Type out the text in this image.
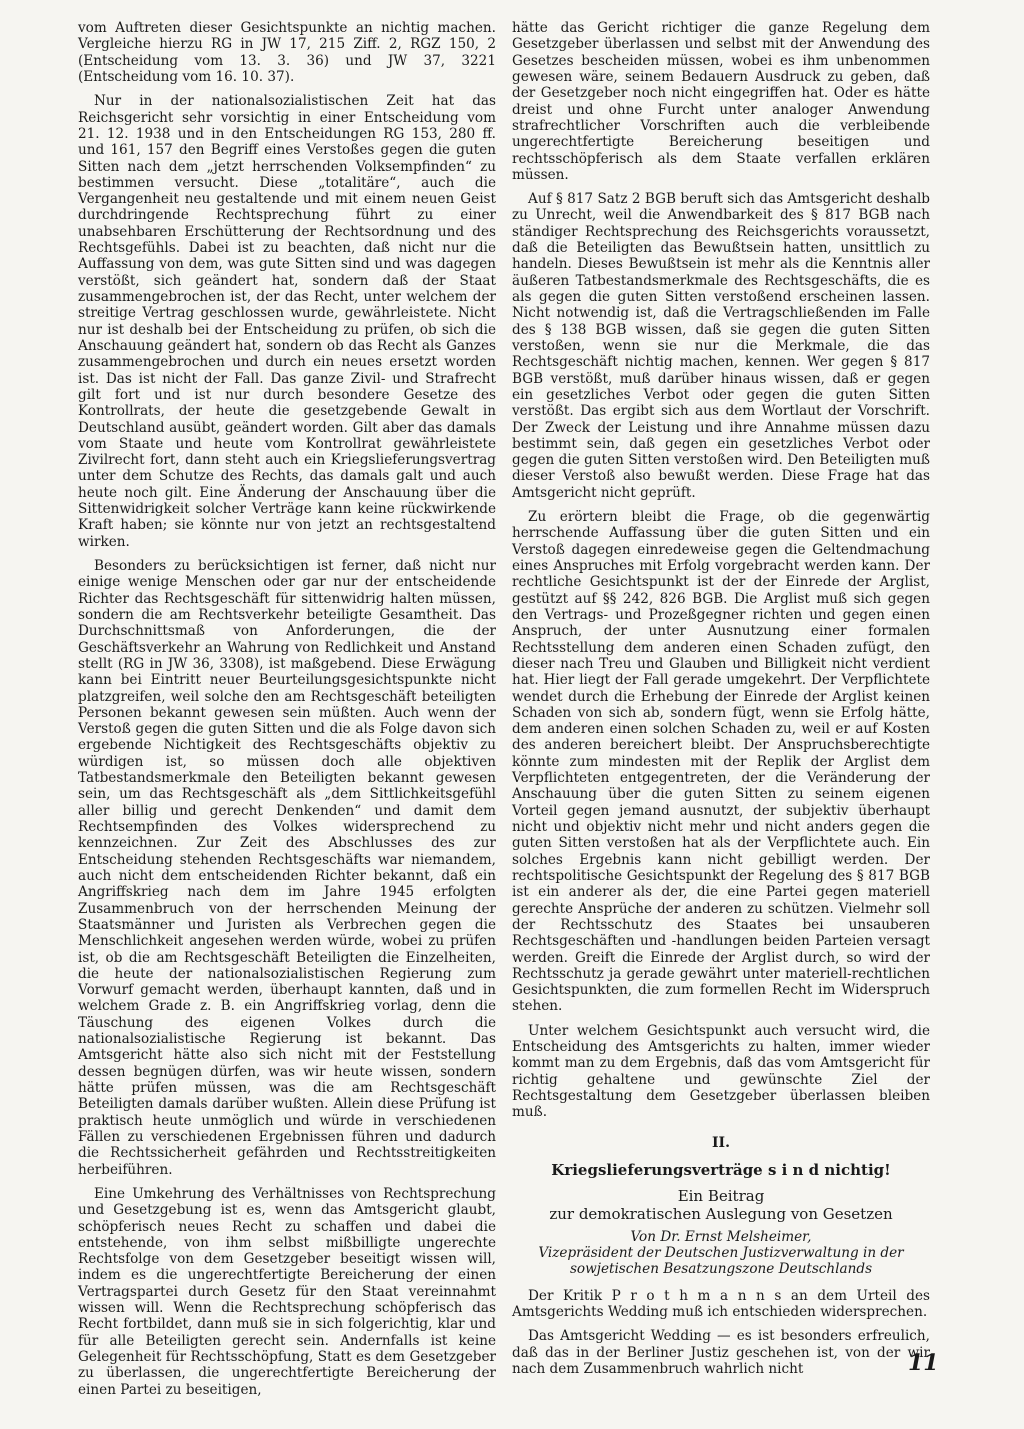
vom Auftreten dieser Gesichtspunkte an nichtig machen. Vergleiche hierzu RG in JW 17, 215 Ziff. 2, RGZ 150, 2 (Entscheidung vom 13. 3. 36) und JW 37, 3221 (Entscheidung vom 16. 10. 37).

Nur in der nationalsozialistischen Zeit hat das Reichsgericht sehr vorsichtig in einer Entscheidung vom 21. 12. 1938 und in den Entscheidungen RG 153, 280 ff. und 161, 157 den Begriff eines Verstoßes gegen die guten Sitten nach dem „jetzt herrschenden Volksempfinden“ zu bestimmen versucht. Diese „totalitäre“, auch die Vergangenheit neu gestaltende und mit einem neuen Geist durchdringende Rechtsprechung führt zu einer unabsehbaren Erschütterung der Rechtsordnung und des Rechtsgefühls. Dabei ist zu beachten, daß nicht nur die Auffassung von dem, was gute Sitten sind und was dagegen verstößt, sich geändert hat, sondern daß der Staat zusammengebrochen ist, der das Recht, unter welchem der streitige Vertrag geschlossen wurde, gewährleistete. Nicht nur ist deshalb bei der Entscheidung zu prüfen, ob sich die Anschauung geändert hat, sondern ob das Recht als Ganzes zusammengebrochen und durch ein neues ersetzt worden ist. Das ist nicht der Fall. Das ganze Zivil- und Strafrecht gilt fort und ist nur durch besondere Gesetze des Kontrollrats, der heute die gesetzgebende Gewalt in Deutschland ausübt, geändert worden. Gilt aber das damals vom Staate und heute vom Kontrollrat gewährleistete Zivilrecht fort, dann steht auch ein Kriegslieferungsvertrag unter dem Schutze des Rechts, das damals galt und auch heute noch gilt. Eine Änderung der Anschauung über die Sittenwidrigkeit solcher Verträge kann keine rückwirkende Kraft haben; sie könnte nur von jetzt an rechtsgestaltend wirken.

Besonders zu berücksichtigen ist ferner, daß nicht nur einige wenige Menschen oder gar nur der entscheidende Richter das Rechtsgeschäft für sittenwidrig halten müssen, sondern die am Rechtsverkehr beteiligte Gesamtheit. Das Durchschnittsmaß von Anforderungen, die der Geschäftsverkehr an Wahrung von Redlichkeit und Anstand stellt (RG in JW 36, 3308), ist maßgebend. Diese Erwägung kann bei Eintritt neuer Beurteilungsgesichtspunkte nicht platzgreifen, weil solche den am Rechtsgeschäft beteiligten Personen bekannt gewesen sein müßten. Auch wenn der Verstoß gegen die guten Sitten und die als Folge davon sich ergebende Nichtigkeit des Rechtsgeschäfts objektiv zu würdigen ist, so müssen doch alle objektiven Tatbestandsmerkmale den Beteiligten bekannt gewesen sein, um das Rechtsgeschäft als „dem Sittlichkeitsgefühl aller billig und gerecht Denkenden“ und damit dem Rechtsempfinden des Volkes widersprechend zu kennzeichnen. Zur Zeit des Abschlusses des zur Entscheidung stehenden Rechtsgeschäfts war niemandem, auch nicht dem entscheidenden Richter bekannt, daß ein Angriffskrieg nach dem im Jahre 1945 erfolgten Zusammenbruch von der herrschenden Meinung der Staatsmänner und Juristen als Verbrechen gegen die Menschlichkeit angesehen werden würde, wobei zu prüfen ist, ob die am Rechtsgeschäft Beteiligten die Einzelheiten, die heute der nationalsozialistischen Regierung zum Vorwurf gemacht werden, überhaupt kannten, daß und in welchem Grade z. B. ein Angriffskrieg vorlag, denn die Täuschung des eigenen Volkes durch die nationalsozialistische Regierung ist bekannt. Das Amtsgericht hätte also sich nicht mit der Feststellung dessen begnügen dürfen, was wir heute wissen, sondern hätte prüfen müssen, was die am Rechtsgeschäft Beteiligten damals darüber wußten. Allein diese Prüfung ist praktisch heute unmöglich und würde in verschiedenen Fällen zu verschiedenen Ergebnissen führen und dadurch die Rechtssicherheit gefährden und Rechtsstreitigkeiten herbeiführen.

Eine Umkehrung des Verhältnisses von Rechtsprechung und Gesetzgebung ist es, wenn das Amtsgericht glaubt, schöpferisch neues Recht zu schaffen und dabei die entstehende, von ihm selbst mißbilligte ungerechte Rechtsfolge von dem Gesetzgeber beseitigt wissen will, indem es die ungerechtfertigte Bereicherung der einen Vertragspartei durch Gesetz für den Staat vereinnahmt wissen will. Wenn die Rechtsprechung schöpferisch das Recht fortbildet, dann muß sie in sich folgerichtig, klar und für alle Beteiligten gerecht sein. Andernfalls ist keine Gelegenheit für Rechtsschöpfung, Statt es dem Gesetzgeber zu überlassen, die ungerechtfertigte Bereicherung der einen Partei zu beseitigen,

hätte das Gericht richtiger die ganze Regelung dem Gesetzgeber überlassen und selbst mit der Anwendung des Gesetzes bescheiden müssen, wobei es ihm unbenommen gewesen wäre, seinem Bedauern Ausdruck zu geben, daß der Gesetzgeber noch nicht eingegriffen hat. Oder es hätte dreist und ohne Furcht unter analoger Anwendung strafrechtlicher Vorschriften auch die verbleibende ungerechtfertigte Bereicherung beseitigen und rechtsschöpferisch als dem Staate verfallen erklären müssen.

Auf § 817 Satz 2 BGB beruft sich das Amtsgericht deshalb zu Unrecht, weil die Anwendbarkeit des § 817 BGB nach ständiger Rechtsprechung des Reichsgerichts voraussetzt, daß die Beteiligten das Bewußtsein hatten, unsittlich zu handeln. Dieses Bewußtsein ist mehr als die Kenntnis aller äußeren Tatbestandsmerkmale des Rechtsgeschäfts, die es als gegen die guten Sitten verstoßend erscheinen lassen. Nicht notwendig ist, daß die Vertragschließenden im Falle des § 138 BGB wissen, daß sie gegen die guten Sitten verstoßen, wenn sie nur die Merkmale, die das Rechtsgeschäft nichtig machen, kennen. Wer gegen § 817 BGB verstößt, muß darüber hinaus wissen, daß er gegen ein gesetzliches Verbot oder gegen die guten Sitten verstößt. Das ergibt sich aus dem Wortlaut der Vorschrift. Der Zweck der Leistung und ihre Annahme müssen dazu bestimmt sein, daß gegen ein gesetzliches Verbot oder gegen die guten Sitten verstoßen wird. Den Beteiligten muß dieser Verstoß also bewußt werden. Diese Frage hat das Amtsgericht nicht geprüft.

Zu erörtern bleibt die Frage, ob die gegenwärtig herrschende Auffassung über die guten Sitten und ein Verstoß dagegen einredeweise gegen die Geltendmachung eines Anspruches mit Erfolg vorgebracht werden kann. Der rechtliche Gesichtspunkt ist der der Einrede der Arglist, gestützt auf §§ 242, 826 BGB. Die Arglist muß sich gegen den Vertrags- und Prozeßgegner richten und gegen einen Anspruch, der unter Ausnutzung einer formalen Rechtsstellung dem anderen einen Schaden zufügt, den dieser nach Treu und Glauben und Billigkeit nicht verdient hat. Hier liegt der Fall gerade umgekehrt. Der Verpflichtete wendet durch die Erhebung der Einrede der Arglist keinen Schaden von sich ab, sondern fügt, wenn sie Erfolg hätte, dem anderen einen solchen Schaden zu, weil er auf Kosten des anderen bereichert bleibt. Der Anspruchsberechtigte könnte zum mindesten mit der Replik der Arglist dem Verpflichteten entgegentreten, der die Veränderung der Anschauung über die guten Sitten zu seinem eigenen Vorteil gegen jemand ausnutzt, der subjektiv überhaupt nicht und objektiv nicht mehr und nicht anders gegen die guten Sitten verstoßen hat als der Verpflichtete auch. Ein solches Ergebnis kann nicht gebilligt werden. Der rechtspolitische Gesichtspunkt der Regelung des § 817 BGB ist ein anderer als der, die eine Partei gegen materiell gerechte Ansprüche der anderen zu schützen. Vielmehr soll der Rechtsschutz des Staates bei unsauberen Rechtsgeschäften und -handlungen beiden Parteien versagt werden. Greift die Einrede der Arglist durch, so wird der Rechtsschutz ja gerade gewährt unter materiell-rechtlichen Gesichtspunkten, die zum formellen Recht im Widerspruch stehen.

Unter welchem Gesichtspunkt auch versucht wird, die Entscheidung des Amtsgerichts zu halten, immer wieder kommt man zu dem Ergebnis, daß das vom Amtsgericht für richtig gehaltene und gewünschte Ziel der Rechtsgestaltung dem Gesetzgeber überlassen bleiben muß.

II.
Kriegslieferungsverträge s i n d nichtig!
Ein Beitrag
zur demokratischen Auslegung von Gesetzen
Von Dr. Ernst Melsheimer,
Vizepräsident der Deutschen Justizverwaltung in der sowjetischen Besatzungszone Deutschlands

Der Kritik P r o t h m a n n s an dem Urteil des Amtsgerichts Wedding muß ich entschieden widersprechen.

Das Amtsgericht Wedding — es ist besonders erfreulich, daß das in der Berliner Justiz geschehen ist, von der wir nach dem Zusammenbruch wahrlich nicht	11
